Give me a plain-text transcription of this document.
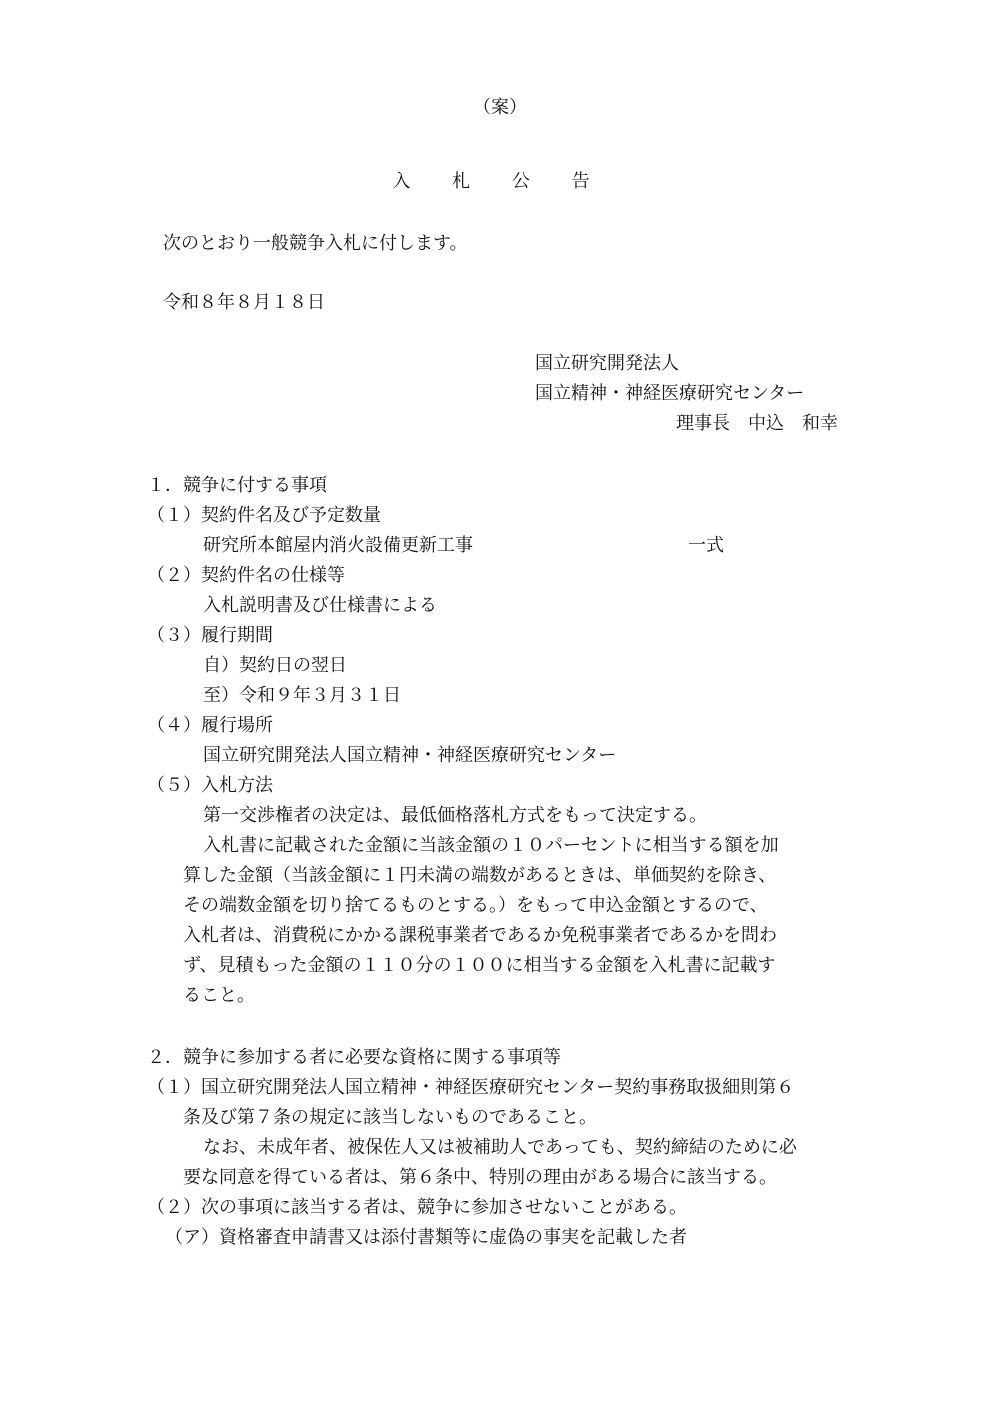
（案）
入 札 公 告
次のとおり一般競争入札に付します。
令和８年８月１８日
国立研究開発法人
国立精神・神経医療研究センター
理事長　中込　和幸
１．競争に付する事項
（１）契約件名及び予定数量
研究所本館屋内消火設備更新工事	一式
（２）契約件名の仕様等
入札説明書及び仕様書による
（３）履行期間
自）契約日の翌日
至）令和９年３月３１日
（４）履行場所
国立研究開発法人国立精神・神経医療研究センター
（５）入札方法
第一交渉権者の決定は、最低価格落札方式をもって決定する。
入札書に記載された金額に当該金額の１０パーセントに相当する額を加
算した金額（当該金額に１円未満の端数があるときは、単価契約を除き、
その端数金額を切り捨てるものとする。）をもって申込金額とするので、
入札者は、消費税にかかる課税事業者であるか免税事業者であるかを問わ
ず、見積もった金額の１１０分の１００に相当する金額を入札書に記載す
ること。
２．競争に参加する者に必要な資格に関する事項等
（１）国立研究開発法人国立精神・神経医療研究センター契約事務取扱細則第６
条及び第７条の規定に該当しないものであること。
なお、未成年者、被保佐人又は被補助人であっても、契約締結のために必
要な同意を得ている者は、第６条中、特別の理由がある場合に該当する。
（２）次の事項に該当する者は、競争に参加させないことがある。
（ア）資格審査申請書又は添付書類等に虚偽の事実を記載した者
